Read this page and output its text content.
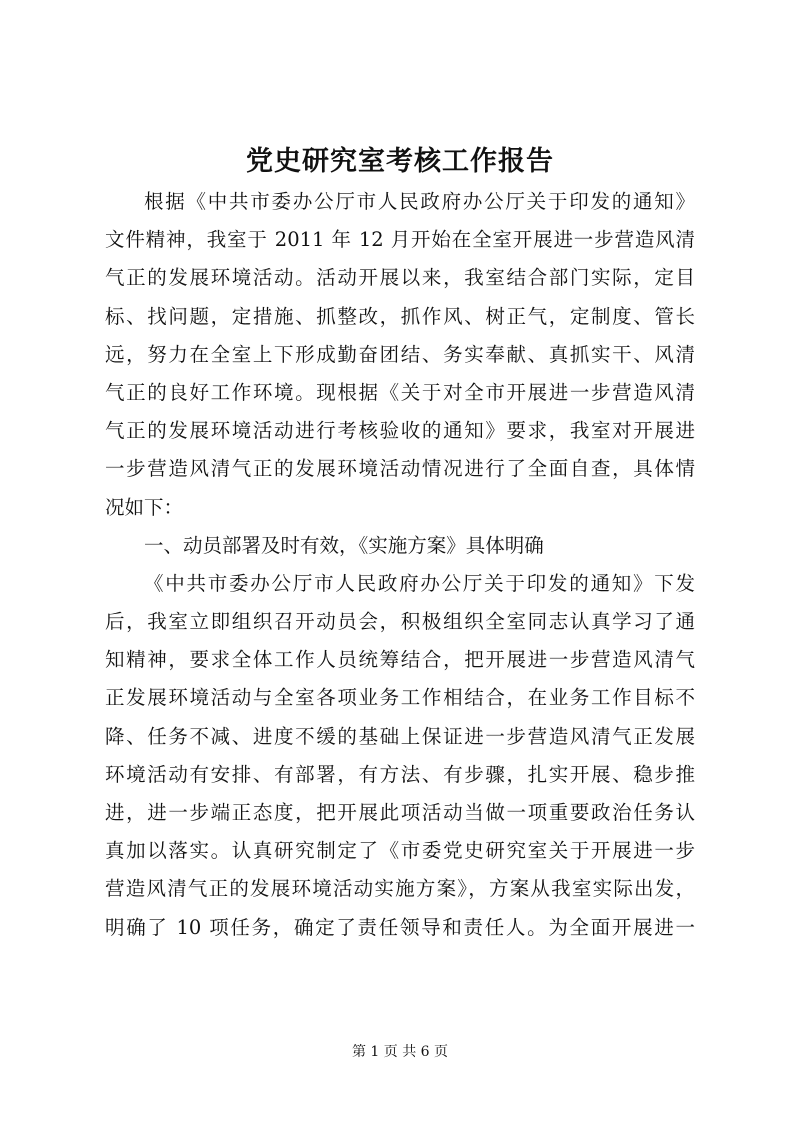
党史研究室考核工作报告
根据《中共市委办公厅市人民政府办公厅关于印发的通知》
文件精神，我室于 2011 年 12 月开始在全室开展进一步营造风清
气正的发展环境活动。活动开展以来，我室结合部门实际，定目
标、找问题，定措施、抓整改，抓作风、树正气，定制度、管长
远，努力在全室上下形成勤奋团结、务实奉献、真抓实干、风清
气正的良好工作环境。现根据《关于对全市开展进一步营造风清
气正的发展环境活动进行考核验收的通知》要求，我室对开展进
一步营造风清气正的发展环境活动情况进行了全面自查，具体情
况如下：
一、动员部署及时有效，《实施方案》具体明确
《中共市委办公厅市人民政府办公厅关于印发的通知》下发
后，我室立即组织召开动员会，积极组织全室同志认真学习了通
知精神，要求全体工作人员统筹结合，把开展进一步营造风清气
正发展环境活动与全室各项业务工作相结合，在业务工作目标不
降、任务不减、进度不缓的基础上保证进一步营造风清气正发展
环境活动有安排、有部署，有方法、有步骤，扎实开展、稳步推
进，进一步端正态度，把开展此项活动当做一项重要政治任务认
真加以落实。认真研究制定了《市委党史研究室关于开展进一步
营造风清气正的发展环境活动实施方案》，方案从我室实际出发，
明确了 10 项任务，确定了责任领导和责任人。为全面开展进一
第 1 页 共 6 页
